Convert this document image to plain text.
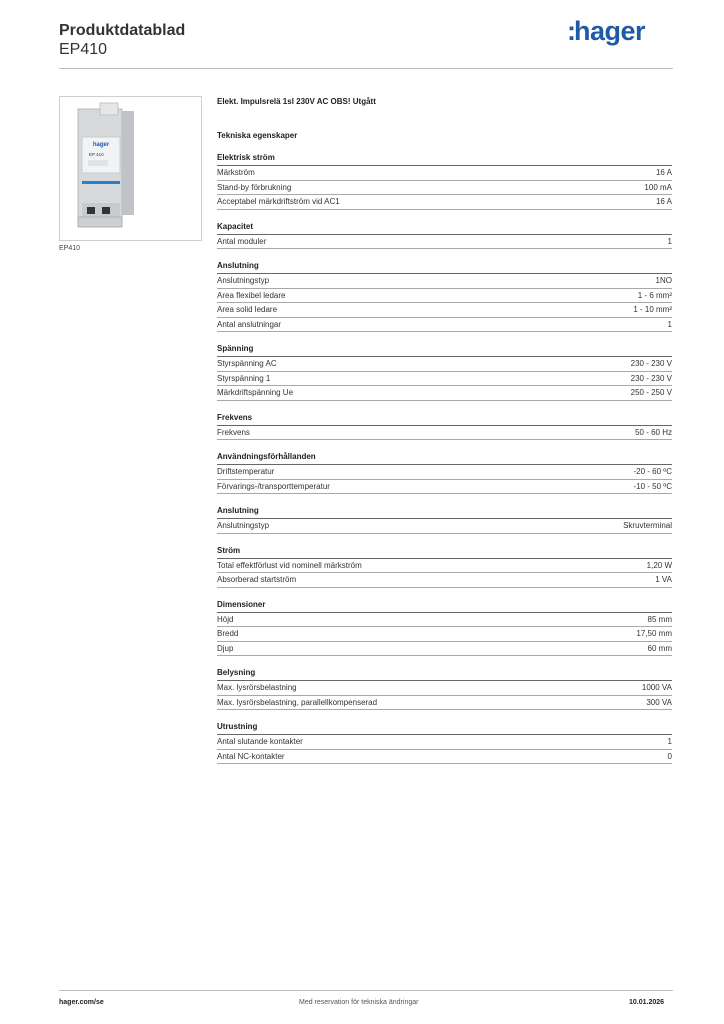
Produktdatablad
EP410
:hager
hager
EP 410
EP410
Elekt. Impulsrelä 1sl 230V AC OBS! Utgått
Tekniska egenskaper
Elektrisk ström
Märkström	16 A
Stand-by förbrukning	100 mA
Acceptabel märkdriftström vid AC1	16 A
Kapacitet
Antal moduler	1
Anslutning
Anslutningstyp	1NO
Area flexibel ledare	1 - 6 mm²
Area solid ledare	1 - 10 mm²
Antal anslutningar	1
Spänning
Styrspänning AC	230 - 230 V
Styrspänning 1	230 - 230 V
Märkdriftspänning Ue	250 - 250 V
Frekvens
Frekvens	50 - 60 Hz
Användningsförhållanden
Driftstemperatur	-20 - 60 ºC
Förvarings-/transporttemperatur	-10 - 50 ºC
Anslutning
Anslutningstyp	Skruvterminal
Ström
Total effektförlust vid nominell märkström	1,20 W
Absorberad startström	1 VA
Dimensioner
Höjd	85 mm
Bredd	17,50 mm
Djup	60 mm
Belysning
Max. lysrörsbelastning	1000 VA
Max. lysrörsbelastning, parallellkompenserad	300 VA
Utrustning
Antal slutande kontakter	1
Antal NC-kontakter	0
hager.com/se	Med reservation för tekniska ändringar	10.01.2026
